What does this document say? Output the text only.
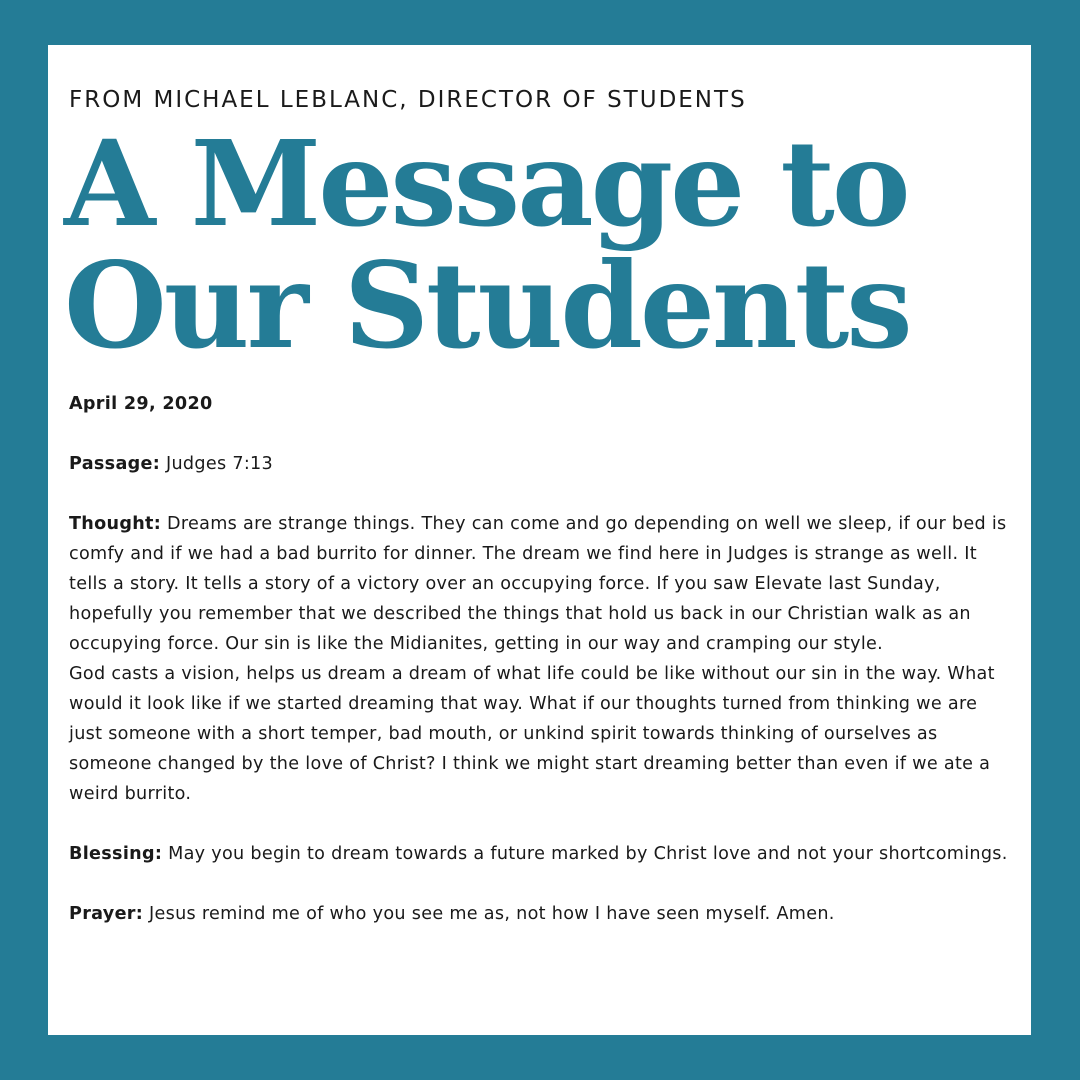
FROM MICHAEL LEBLANC, DIRECTOR OF STUDENTS

A Message to
Our Students

April 29, 2020

Passage: Judges 7:13

Thought: Dreams are strange things. They can come and go depending on well we sleep, if our bed is comfy and if we had a bad burrito for dinner. The dream we find here in Judges is strange as well. It tells a story. It tells a story of a victory over an occupying force. If you saw Elevate last Sunday, hopefully you remember that we described the things that hold us back in our Christian walk as an occupying force. Our sin is like the Midianites, getting in our way and cramping our style.

God casts a vision, helps us dream a dream of what life could be like without our sin in the way. What would it look like if we started dreaming that way. What if our thoughts turned from thinking we are just someone with a short temper, bad mouth, or unkind spirit towards thinking of ourselves as someone changed by the love of Christ? I think we might start dreaming better than even if we ate a weird burrito.

Blessing: May you begin to dream towards a future marked by Christ love and not your shortcomings.

Prayer: Jesus remind me of who you see me as, not how I have seen myself. Amen.
